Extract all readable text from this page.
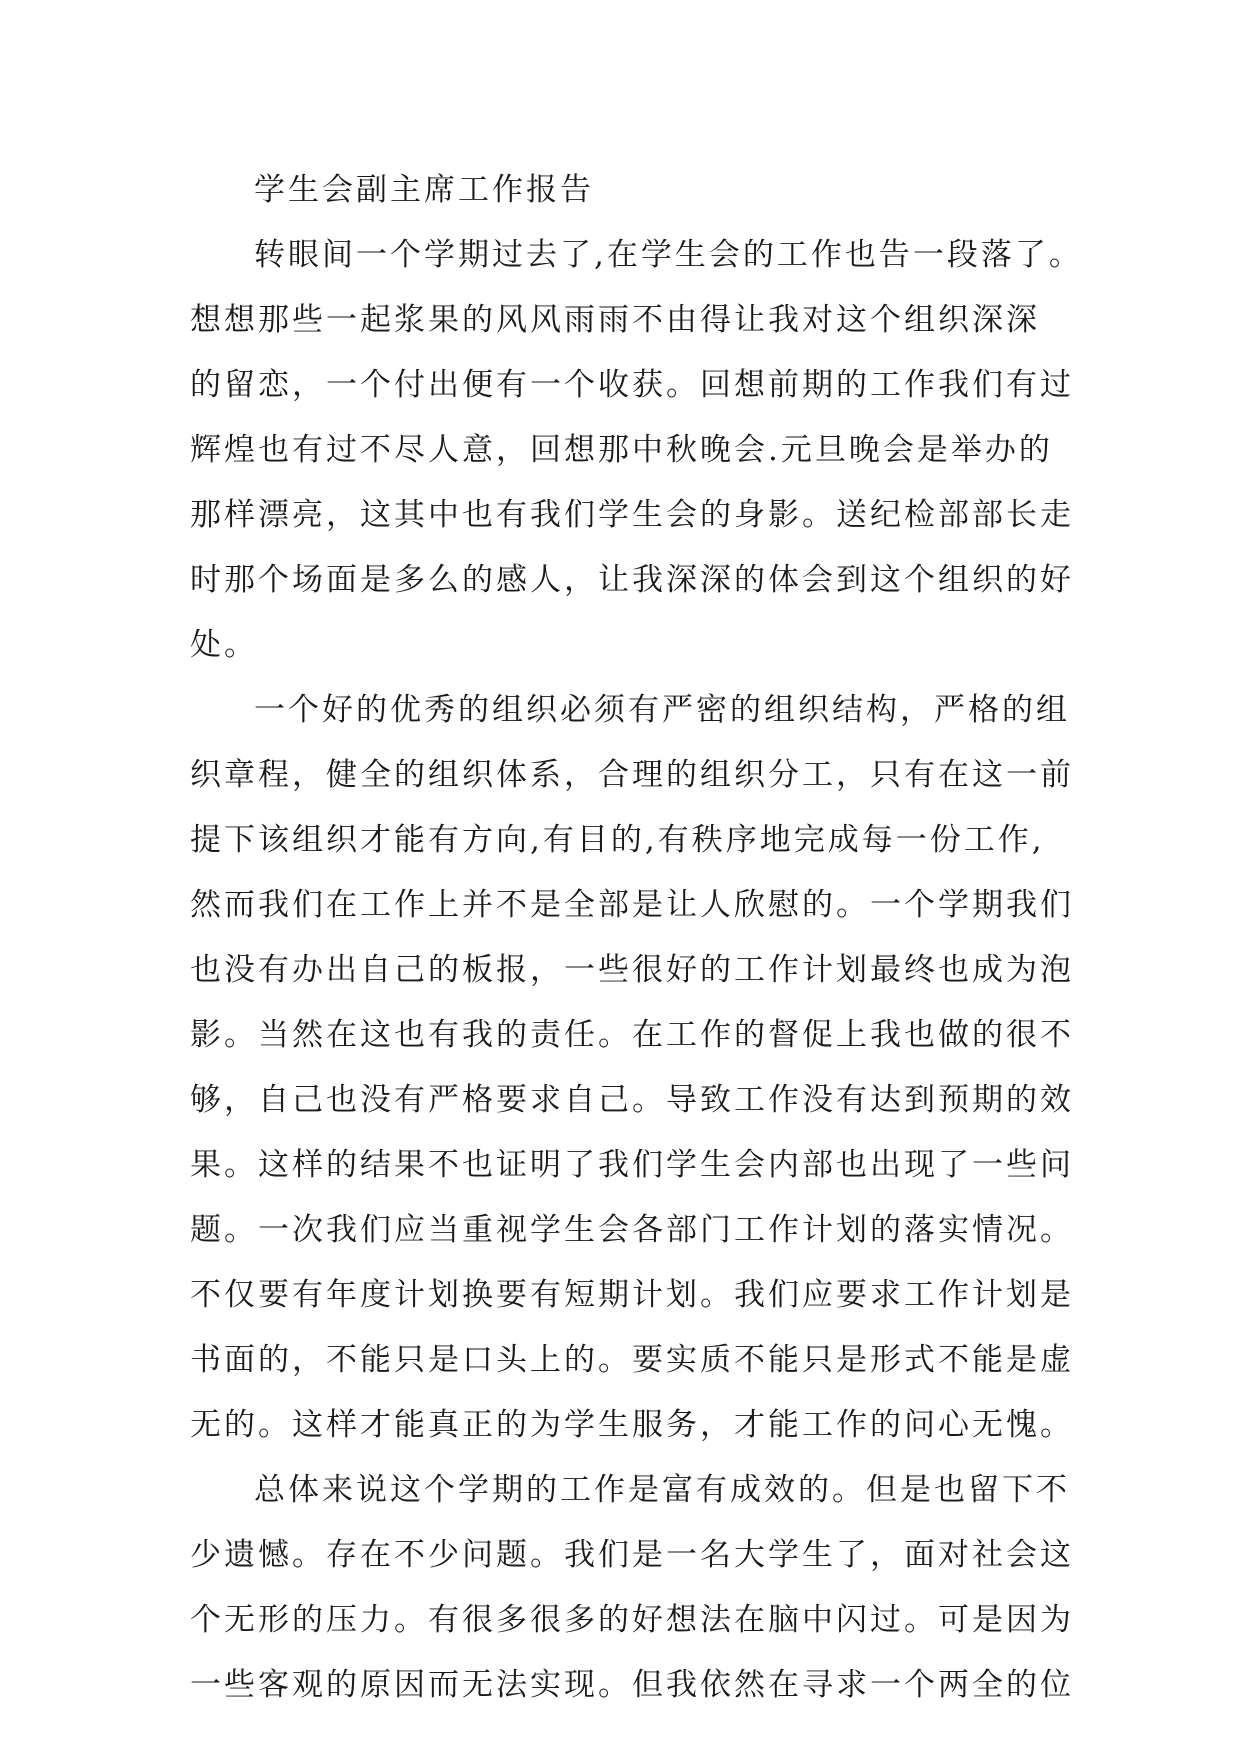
学生会副主席工作报告
转眼间一个学期过去了,在学生会的工作也告一段落了。
想想那些一起浆果的风风雨雨不由得让我对这个组织深深
的留恋，一个付出便有一个收获。回想前期的工作我们有过
辉煌也有过不尽人意，回想那中秋晚会.元旦晚会是举办的
那样漂亮，这其中也有我们学生会的身影。送纪检部部长走
时那个场面是多么的感人，让我深深的体会到这个组织的好
处。
一个好的优秀的组织必须有严密的组织结构，严格的组
织章程，健全的组织体系，合理的组织分工，只有在这一前
提下该组织才能有方向,有目的,有秩序地完成每一份工作,
然而我们在工作上并不是全部是让人欣慰的。一个学期我们
也没有办出自己的板报，一些很好的工作计划最终也成为泡
影。当然在这也有我的责任。在工作的督促上我也做的很不
够，自己也没有严格要求自己。导致工作没有达到预期的效
果。这样的结果不也证明了我们学生会内部也出现了一些问
题。一次我们应当重视学生会各部门工作计划的落实情况。
不仅要有年度计划换要有短期计划。我们应要求工作计划是
书面的，不能只是口头上的。要实质不能只是形式不能是虚
无的。这样才能真正的为学生服务，才能工作的问心无愧。
总体来说这个学期的工作是富有成效的。但是也留下不
少遗憾。存在不少问题。我们是一名大学生了，面对社会这
个无形的压力。有很多很多的好想法在脑中闪过。可是因为
一些客观的原因而无法实现。但我依然在寻求一个两全的位
